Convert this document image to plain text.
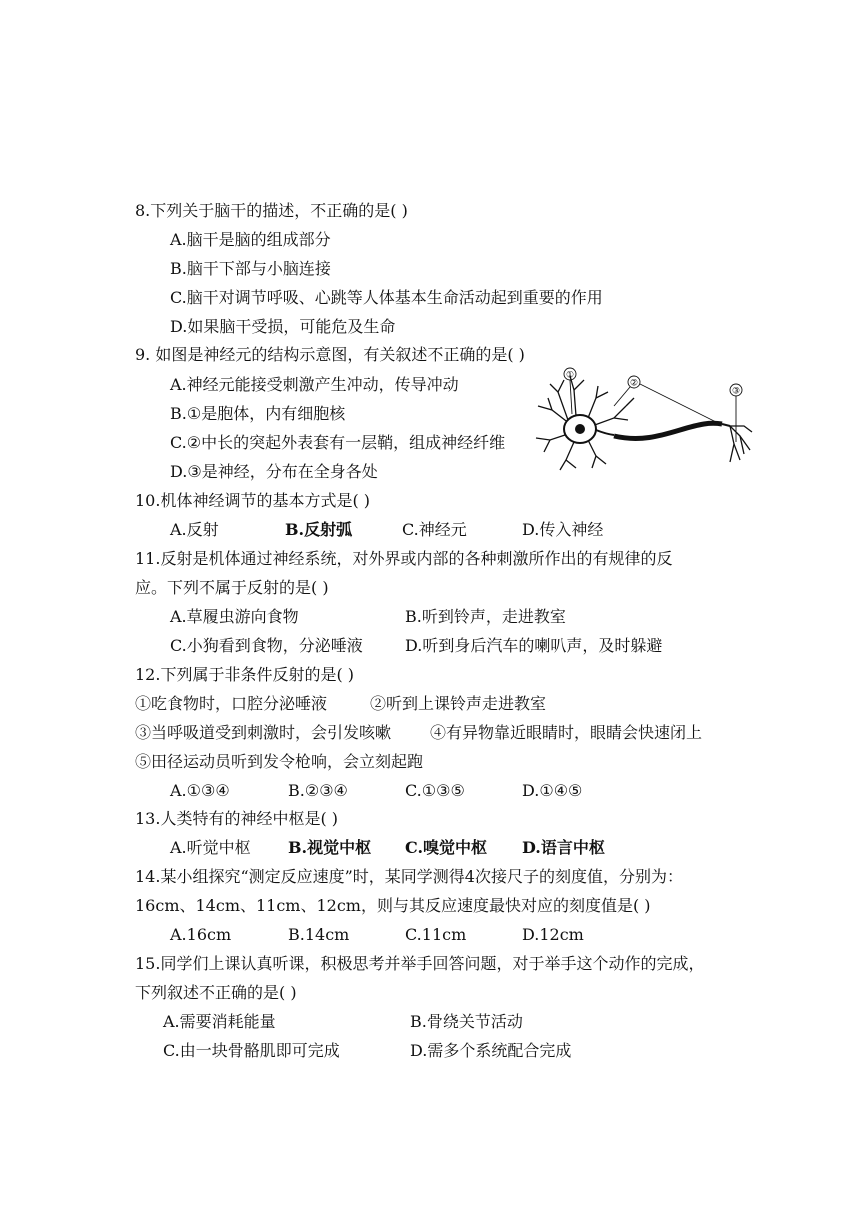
8.下列关于脑干的描述，不正确的是( )
A.脑干是脑的组成部分
B.脑干下部与小脑连接
C.脑干对调节呼吸、心跳等人体基本生命活动起到重要的作用
D.如果脑干受损，可能危及生命
9. 如图是神经元的结构示意图，有关叙述不正确的是( )
A.神经元能接受刺激产生冲动，传导冲动
B.①是胞体，内有细胞核
C.②中长的突起外表套有一层鞘，组成神经纤维
D.③是神经，分布在全身各处
①
②
③
10.机体神经调节的基本方式是( )
A.反射	B.反射弧	C.神经元	D.传入神经
11.反射是机体通过神经系统，对外界或内部的各种刺激所作出的有规律的反
应。下列不属于反射的是( )
A.草履虫游向食物	B.听到铃声，走进教室
C.小狗看到食物，分泌唾液	D.听到身后汽车的喇叭声，及时躲避
12.下列属于非条件反射的是( )
①吃食物时，口腔分泌唾液	②听到上课铃声走进教室
③当呼吸道受到刺激时，会引发咳嗽 ④有异物靠近眼睛时，眼睛会快速闭上
⑤田径运动员听到发令枪响，会立刻起跑
A.①③④	B.②③④	C.①③⑤	D.①④⑤
13.人类特有的神经中枢是( )
A.听觉中枢 B.视觉中枢 C.嗅觉中枢 D.语言中枢
14.某小组探究“测定反应速度”时，某同学测得4次接尺子的刻度值，分别为：
16cm、14cm、11cm、12cm，则与其反应速度最快对应的刻度值是( )
A.16cm	B.14cm	C.11cm	D.12cm
15.同学们上课认真听课，积极思考并举手回答问题，对于举手这个动作的完成，
下列叙述不正确的是( )
A.需要消耗能量	B.骨绕关节活动
C.由一块骨骼肌即可完成	D.需多个系统配合完成
